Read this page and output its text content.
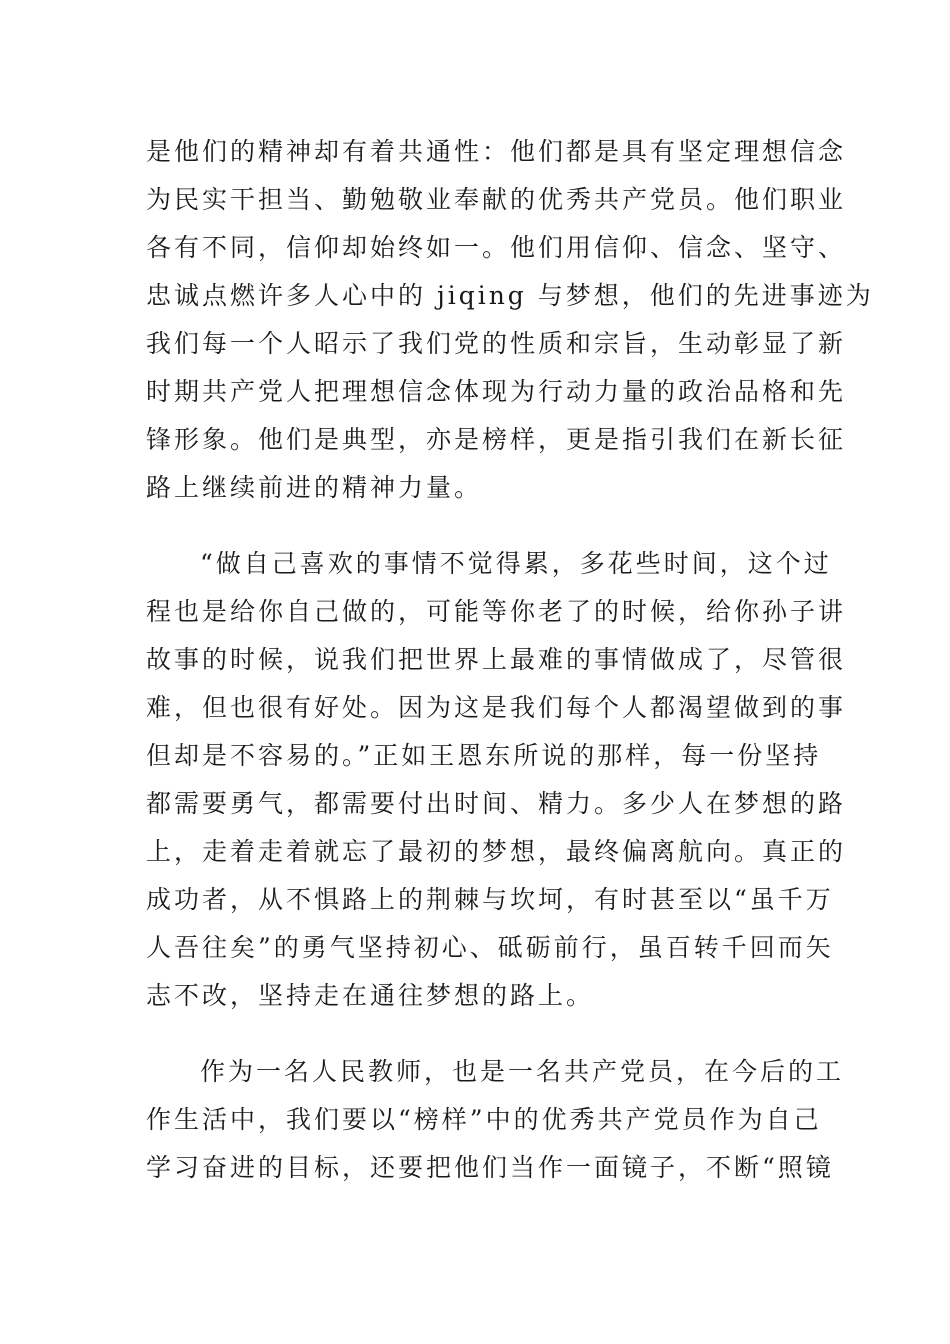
是他们的精神却有着共通性：他们都是具有坚定理想信念
为民实干担当、勤勉敬业奉献的优秀共产党员。他们职业
各有不同，信仰却始终如一。他们用信仰、信念、坚守、
忠诚点燃许多人心中的 jiqing 与梦想，他们的先进事迹为
我们每一个人昭示了我们党的性质和宗旨，生动彰显了新
时期共产党人把理想信念体现为行动力量的政治品格和先
锋形象。他们是典型，亦是榜样，更是指引我们在新长征
路上继续前进的精神力量。
“做自己喜欢的事情不觉得累，多花些时间，这个过
程也是给你自己做的，可能等你老了的时候，给你孙子讲
故事的时候，说我们把世界上最难的事情做成了，尽管很
难，但也很有好处。因为这是我们每个人都渴望做到的事
但却是不容易的。”正如王恩东所说的那样，每一份坚持
都需要勇气，都需要付出时间、精力。多少人在梦想的路
上，走着走着就忘了最初的梦想，最终偏离航向。真正的
成功者，从不惧路上的荆棘与坎坷，有时甚至以“虽千万
人吾往矣”的勇气坚持初心、砥砺前行，虽百转千回而矢
志不改，坚持走在通往梦想的路上。
作为一名人民教师，也是一名共产党员，在今后的工
作生活中，我们要以“榜样”中的优秀共产党员作为自己
学习奋进的目标，还要把他们当作一面镜子，不断“照镜
